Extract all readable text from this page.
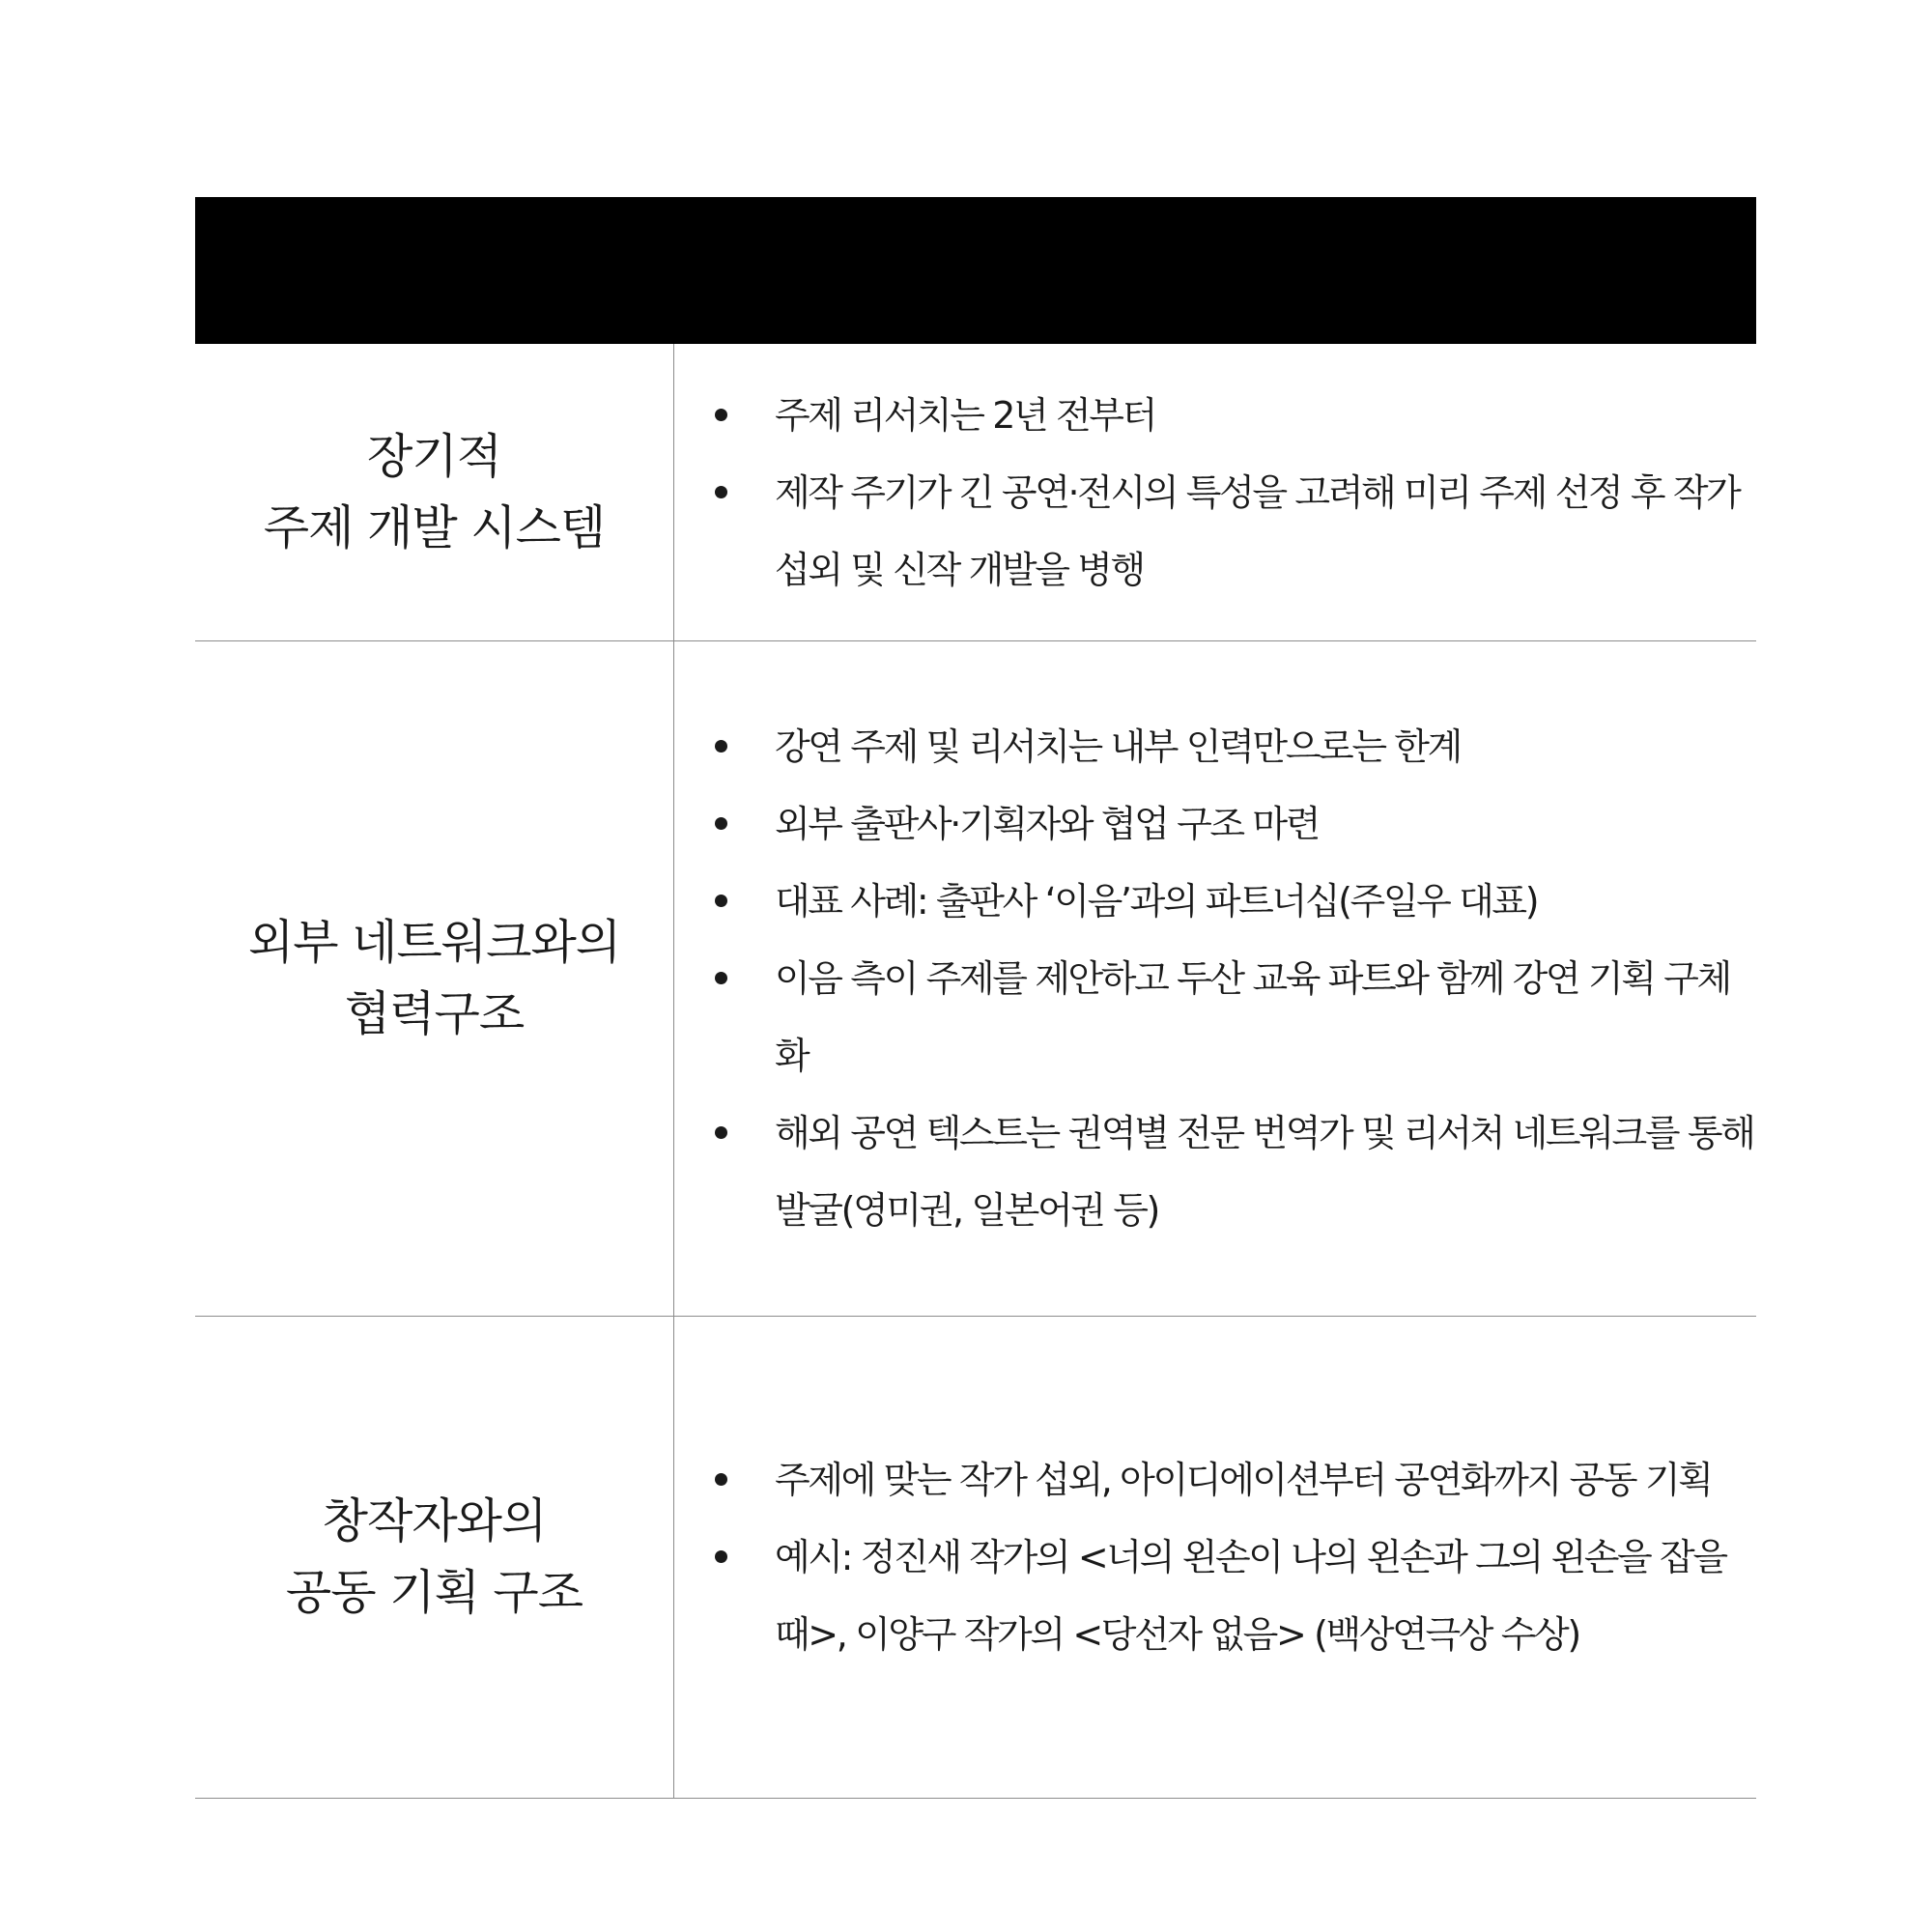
장기적
주제 개발 시스템
주제 리서치는 2년 전부터
제작 주기가 긴 공연·전시의 특성을 고려해 미리 주제 선정 후 작가 섭외 및 신작 개발을 병행
외부 네트워크와의
협력구조
강연 주제 및 리서치는 내부 인력만으로는 한계
외부 출판사·기획자와 협업 구조 마련
대표 사례: 출판사 ‘이음’과의 파트너십(주일우 대표)
이음 측이 주제를 제안하고 두산 교육 파트와 함께 강연 기획 구체화
해외 공연 텍스트는 권역별 전문 번역가 및 리서처 네트워크를 통해 발굴(영미권, 일본어권 등)
창작자와의
공동 기획 구조
주제에 맞는 작가 섭외, 아이디에이션부터 공연화까지 공동 기획
예시: 정진새 작가의 <너의 왼손이 나의 왼손과 그의 왼손을 잡을 때>, 이양구 작가의 <당선자 없음> (백상연극상 수상)
